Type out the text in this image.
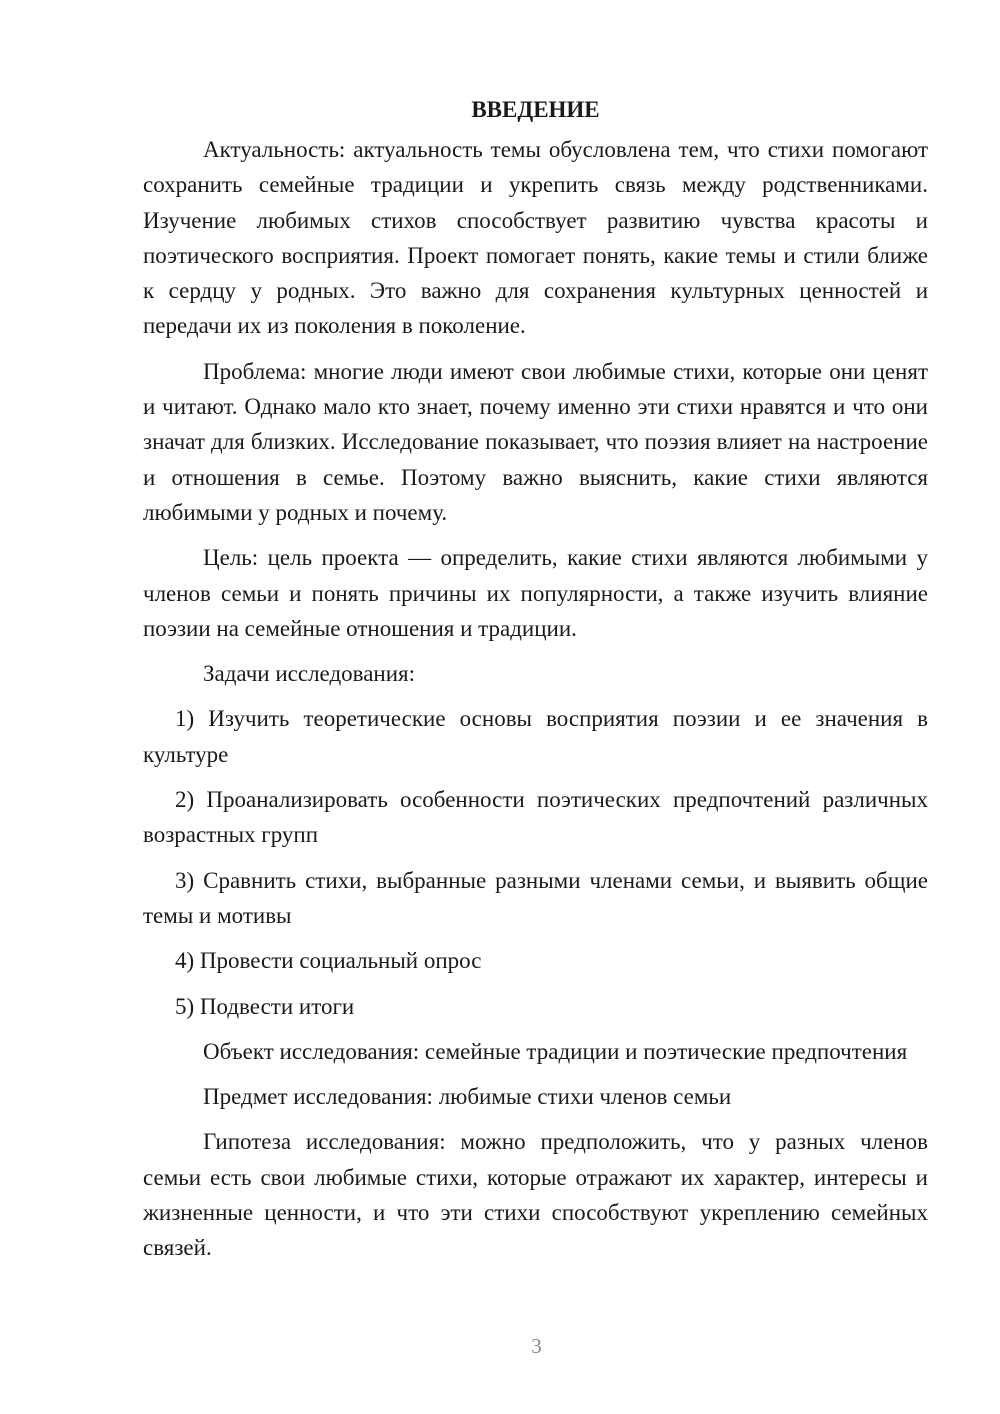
ВВЕДЕНИЕ

Актуальность: актуальность темы обусловлена тем, что стихи помогают сохранить семейные традиции и укрепить связь между родственниками. Изучение любимых стихов способствует развитию чувства красоты и поэтического восприятия. Проект помогает понять, какие темы и стили ближе к сердцу у родных. Это важно для сохранения культурных ценностей и передачи их из поколения в поколение.

Проблема: многие люди имеют свои любимые стихи, которые они ценят и читают. Однако мало кто знает, почему именно эти стихи нравятся и что они значат для близких. Исследование показывает, что поэзия влияет на настроение и отношения в семье. Поэтому важно выяснить, какие стихи являются любимыми у родных и почему.

Цель: цель проекта — определить, какие стихи являются любимыми у членов семьи и понять причины их популярности, а также изучить влияние поэзии на семейные отношения и традиции.

Задачи исследования:

1) Изучить теоретические основы восприятия поэзии и ее значения в культуре

2) Проанализировать особенности поэтических предпочтений различных возрастных групп

3) Сравнить стихи, выбранные разными членами семьи, и выявить общие темы и мотивы

4) Провести социальный опрос

5) Подвести итоги

Объект исследования: семейные традиции и поэтические предпочтения

Предмет исследования: любимые стихи членов семьи

Гипотеза исследования: можно предположить, что у разных членов семьи есть свои любимые стихи, которые отражают их характер, интересы и жизненные ценности, и что эти стихи способствуют укреплению семейных связей.

3
